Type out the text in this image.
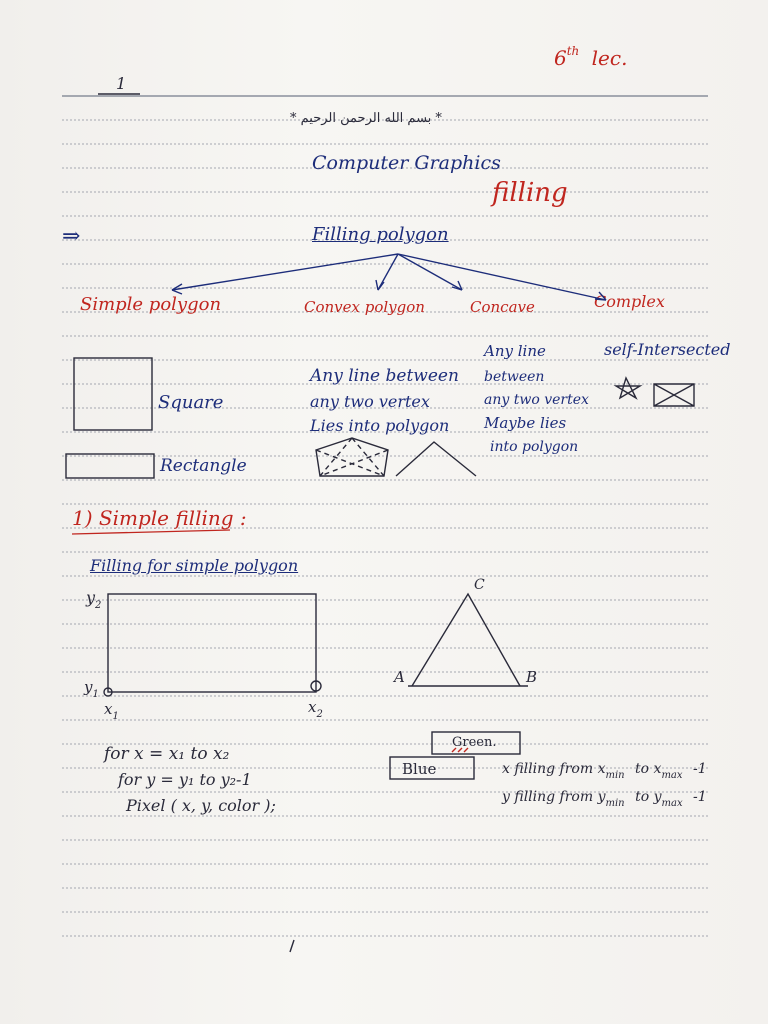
6th lec.
1
* بسم الله الرحمن الرحيم *
Computer Graphics
filling
⇒	Filling polygon
Simple polygon	Convex polygon	Concave	Complex
Square
Rectangle
Any line between
any two vertex
Lies into polygon
Any line
between
any two vertex
Maybe lies
into polygon
self-Intersected
1) Simple filling :
Filling for simple polygon
$y_2$
$y_1$
$x_1$
$x_2$
A	B
C
for x = x₁ to x₂
for y = y₁ to y₂-1
Pixel ( x, y, color );
Green.
Blue	x filling from $x_{min}$ to $x_{max}$ -1
y filling from $y_{min}$ to $y_{max}$ -1
